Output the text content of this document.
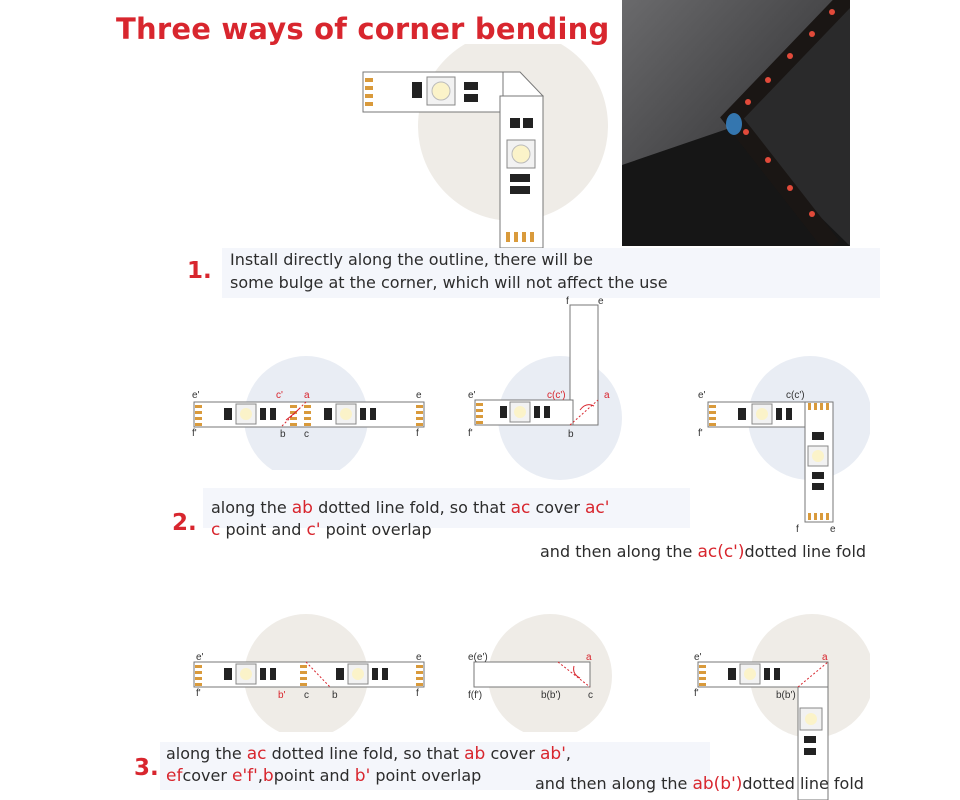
Three ways of corner bending
1. Install directly along the outline, there will be
some bulge at the corner, which will not affect the use
e'
f'
c' a
b c
e
f
f	e
e'
f'
c(c')	a
b
e'
f'
c(c')
f	e
2.
along the ab dotted line fold, so that ac cover ac'
c point and c' point overlap
and then along the ac(c')dotted line fold
e'
f'	b' c b
e
f
e(e')	a
f(f')	b(b')	c
e'
f'
a
b(b')
3.
along the ac dotted line fold, so that ab cover ab',
efcover e'f',bpoint and b' point overlap	and then along the ab(b')dotted line fold
